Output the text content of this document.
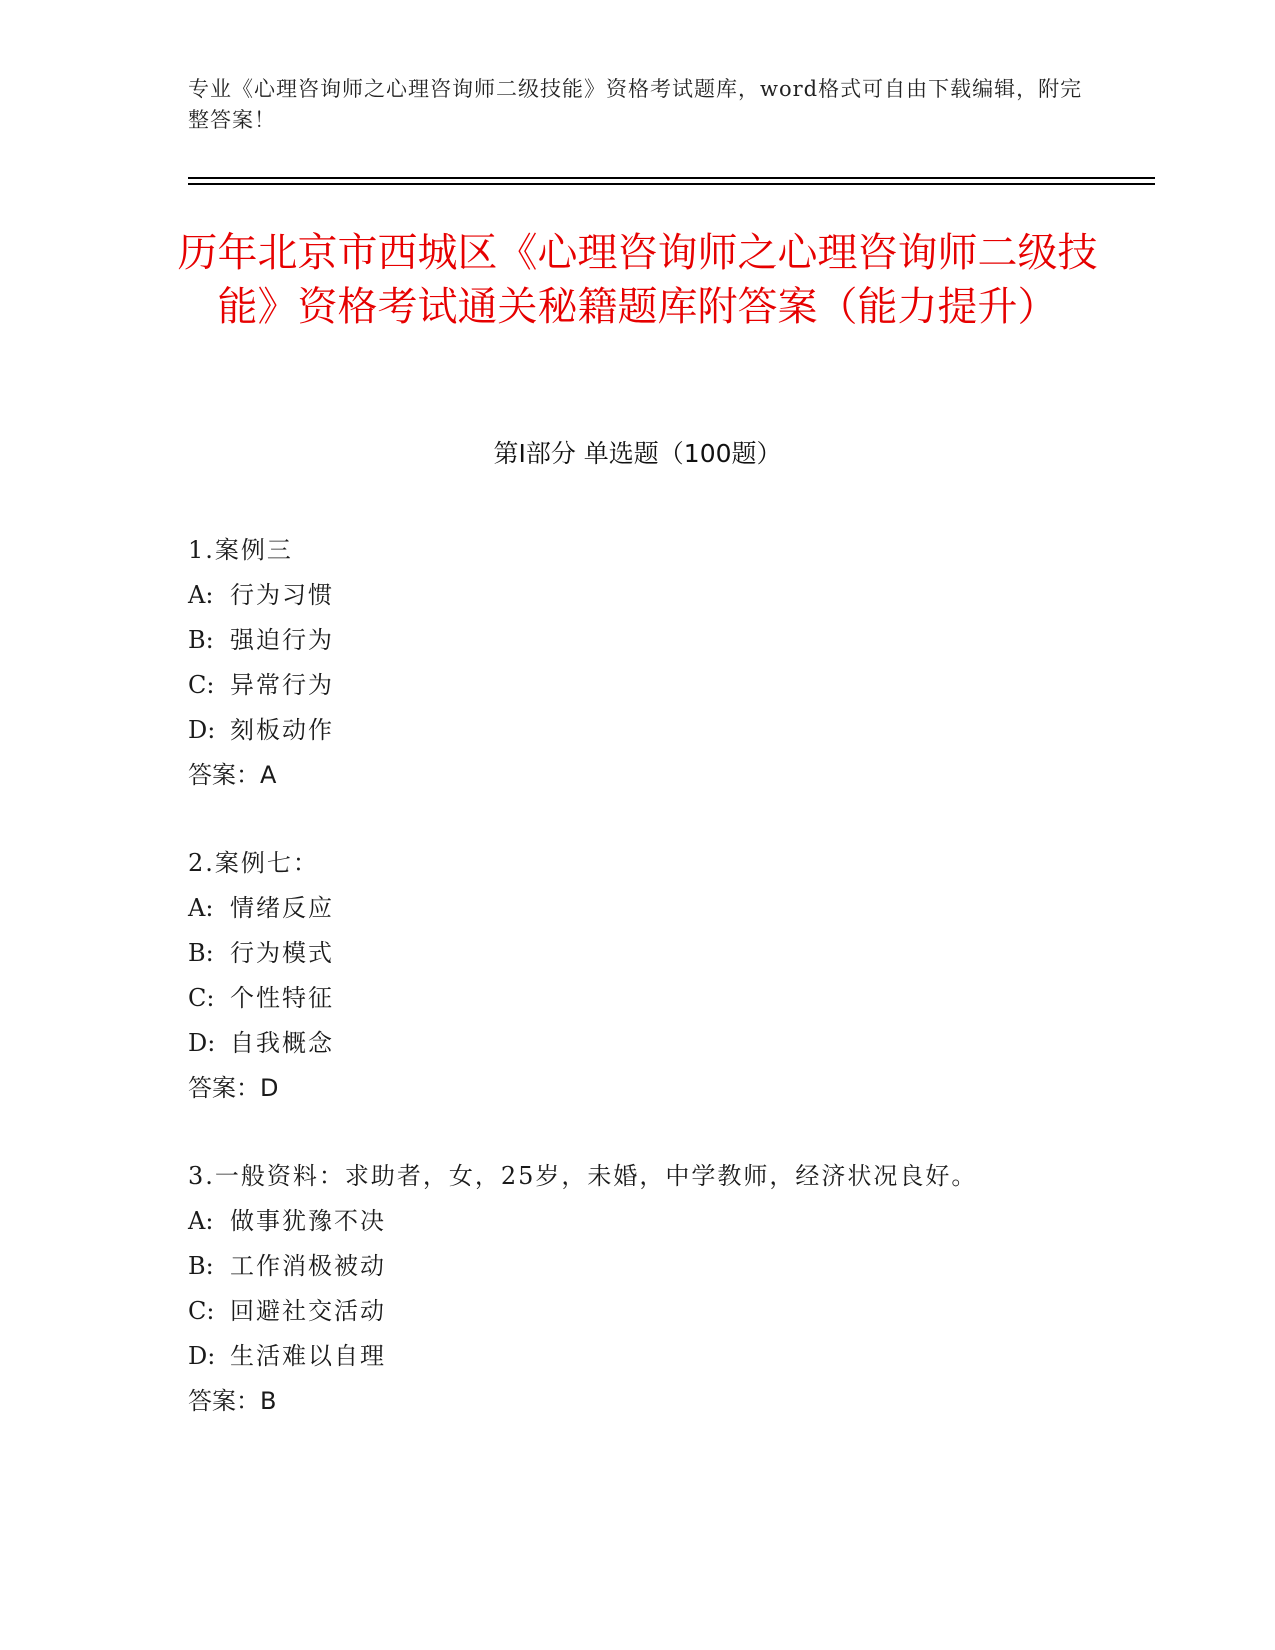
专业《心理咨询师之心理咨询师二级技能》资格考试题库，word格式可自由下载编辑，附完整答案！
历年北京市西城区《心理咨询师之心理咨询师二级技能》资格考试通关秘籍题库附答案（能力提升）
第I部分 单选题（100题）
1.案例三
A: 行为习惯
B: 强迫行为
C: 异常行为
D: 刻板动作
答案：A
2.案例七：
A: 情绪反应
B: 行为模式
C: 个性特征
D: 自我概念
答案：D
3.一般资料：求助者，女，25岁，未婚，中学教师，经济状况良好。
A: 做事犹豫不决
B: 工作消极被动
C: 回避社交活动
D: 生活难以自理
答案：B
